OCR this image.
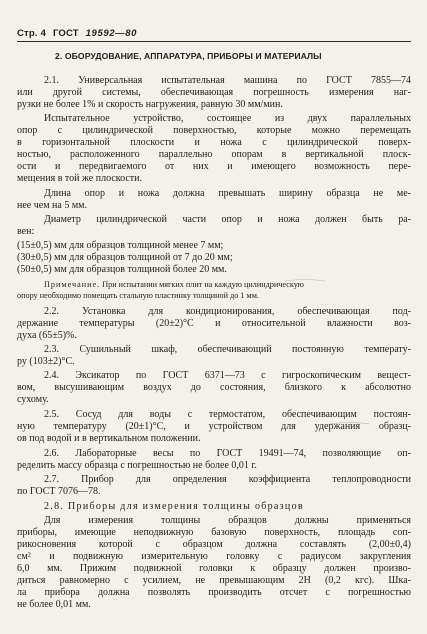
Стр. 4 ГОСТ 19592—80
2. ОБОРУДОВАНИЕ, АППАРАТУРА, ПРИБОРЫ И МАТЕРИАЛЫ
2.1. Универсальная испытательная машина по ГОСТ 7855—74
или другой системы, обеспечивающая погрешность измерения наг-
рузки не более 1% и скорость нагружения, равную 30 мм/мин.
Испытательное устройство, состоящее из двух параллельных
опор с цилиндрической поверхностью, которые можно перемещать
в горизонтальной плоскости и ножа с цилиндрической поверх-
ностью, расположенного параллельно опорам в вертикальной плоск-
ости и передвигаемого от них и имеющего возможность пере-
мещения в той же плоскости.
Длина опор и ножа должна превышать ширину образца не ме-
нее чем на 5 мм.
Диаметр цилиндрической части опор и ножа должен быть ра-
вен:
(15±0,5) мм для образцов толщиной менее 7 мм;
(30±0,5) мм для образцов толщиной от 7 до 20 мм;
(50±0,5) мм для образцов толщиной более 20 мм.
Примечание. При испытании мягких плит на каждую цилиндрическую
опору необходимо помещать стальную пластинку толщиной до 1 мм.
2.2. Установка для кондиционирования, обеспечивающая под-
держание температуры (20±2)°С и относительной влажности воз-
духа (65±5)%.
2.3. Сушильный шкаф, обеспечивающий постоянную температу-
ру (103±2)°С.
2.4. Эксикатор по ГОСТ 6371—73 с гигроскопическим вещест-
вом, высушивающим воздух до состояния, близкого к абсолютно
сухому.
2.5. Сосуд для воды с термостатом, обеспечивающим постоян-
ную температуру (20±1)°С, и устройством для удержания образц-
ов под водой и в вертикальном положении.
2.6. Лабораторные весы по ГОСТ 19491—74, позволяющие оп-
ределить массу образца с погрешностью не более 0,01 г.
2.7. Прибор для определения коэффициента теплопроводности
по ГОСТ 7076—78.
2.8. Приборы для измерения толщины образцов
Для измерения толщины образцов должны применяться
приборы, имеющие неподвижную базовую поверхность, площадь соп-
рикосновения которой с образцом должна составлять (2,00±0,4)
см² и подвижную измерительную головку с радиусом закругления
6,0 мм. Прижим подвижной головки к образцу должен произво-
диться равномерно с усилием, не превышающим 2Н (0,2 кгс). Шка-
ла прибора должна позволять производить отсчет с погрешностью
не более 0,01 мм.
